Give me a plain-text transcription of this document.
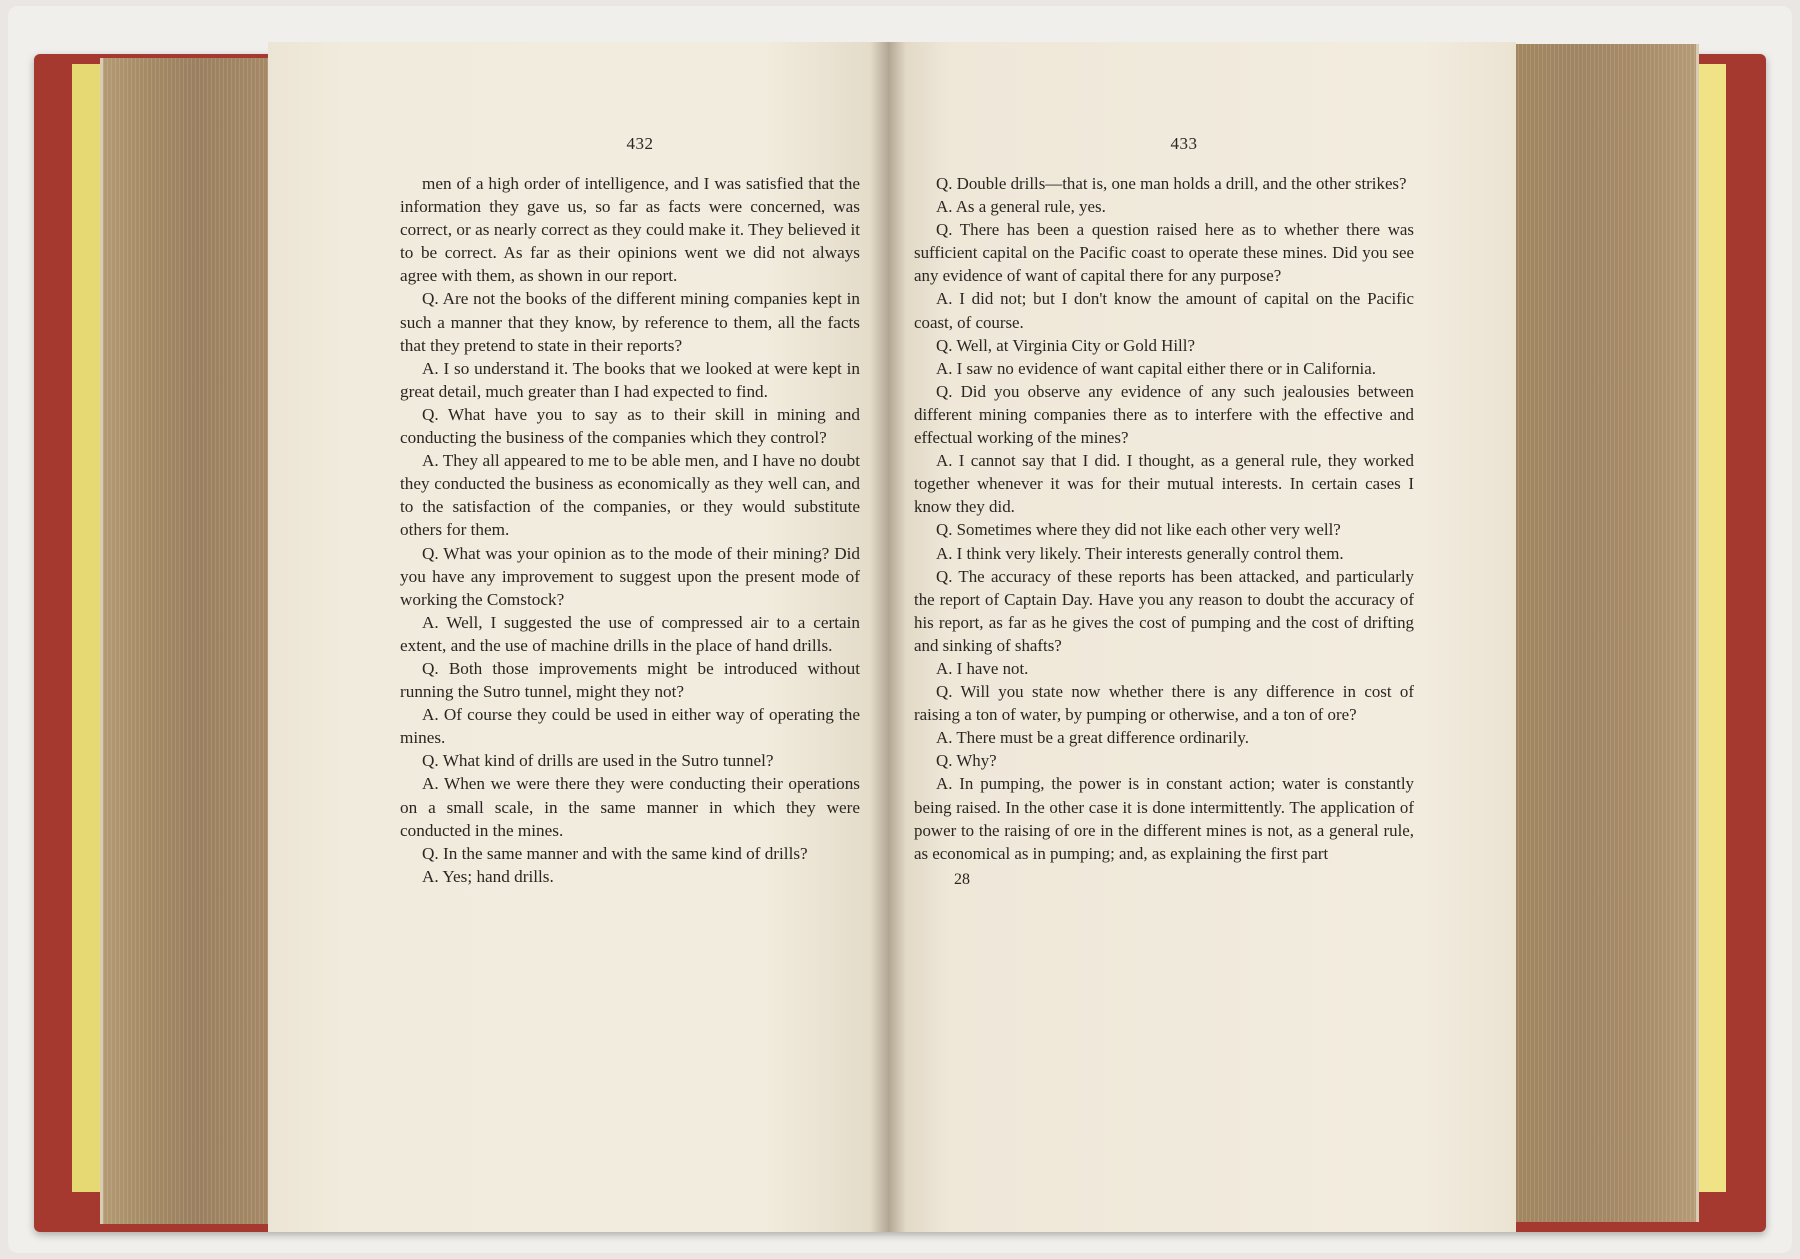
432

men of a high order of intelligence, and I was satisfied that the information they gave us, so far as facts were concerned, was correct, or as nearly correct as they could make it. They believed it to be correct. As far as their opinions went we did not always agree with them, as shown in our report.

Q. Are not the books of the different mining companies kept in such a manner that they know, by reference to them, all the facts that they pretend to state in their reports?

A. I so understand it. The books that we looked at were kept in great detail, much greater than I had expected to find.

Q. What have you to say as to their skill in mining and conducting the business of the companies which they control?

A. They all appeared to me to be able men, and I have no doubt they conducted the business as economically as they well can, and to the satisfaction of the companies, or they would substitute others for them.

Q. What was your opinion as to the mode of their mining? Did you have any improvement to suggest upon the present mode of working the Comstock?

A. Well, I suggested the use of compressed air to a certain extent, and the use of machine drills in the place of hand drills.

Q. Both those improvements might be introduced without running the Sutro tunnel, might they not?

A. Of course they could be used in either way of operating the mines.

Q. What kind of drills are used in the Sutro tunnel?

A. When we were there they were conducting their operations on a small scale, in the same manner in which they were conducted in the mines.

Q. In the same manner and with the same kind of drills?

A. Yes; hand drills.

433

Q. Double drills—that is, one man holds a drill, and the other strikes?

A. As a general rule, yes.

Q. There has been a question raised here as to whether there was sufficient capital on the Pacific coast to operate these mines. Did you see any evidence of want of capital there for any purpose?

A. I did not; but I don't know the amount of capital on the Pacific coast, of course.

Q. Well, at Virginia City or Gold Hill?

A. I saw no evidence of want capital either there or in California.

Q. Did you observe any evidence of any such jealousies between different mining companies there as to interfere with the effective and effectual working of the mines?

A. I cannot say that I did. I thought, as a general rule, they worked together whenever it was for their mutual interests. In certain cases I know they did.

Q. Sometimes where they did not like each other very well?

A. I think very likely. Their interests generally control them.

Q. The accuracy of these reports has been attacked, and particularly the report of Captain Day. Have you any reason to doubt the accuracy of his report, as far as he gives the cost of pumping and the cost of drifting and sinking of shafts?

A. I have not.

Q. Will you state now whether there is any difference in cost of raising a ton of water, by pumping or otherwise, and a ton of ore?

A. There must be a great difference ordinarily.

Q. Why?

A. In pumping, the power is in constant action; water is constantly being raised. In the other case it is done intermittently. The application of power to the raising of ore in the different mines is not, as a general rule, as economical as in pumping; and, as explaining the first part

28
